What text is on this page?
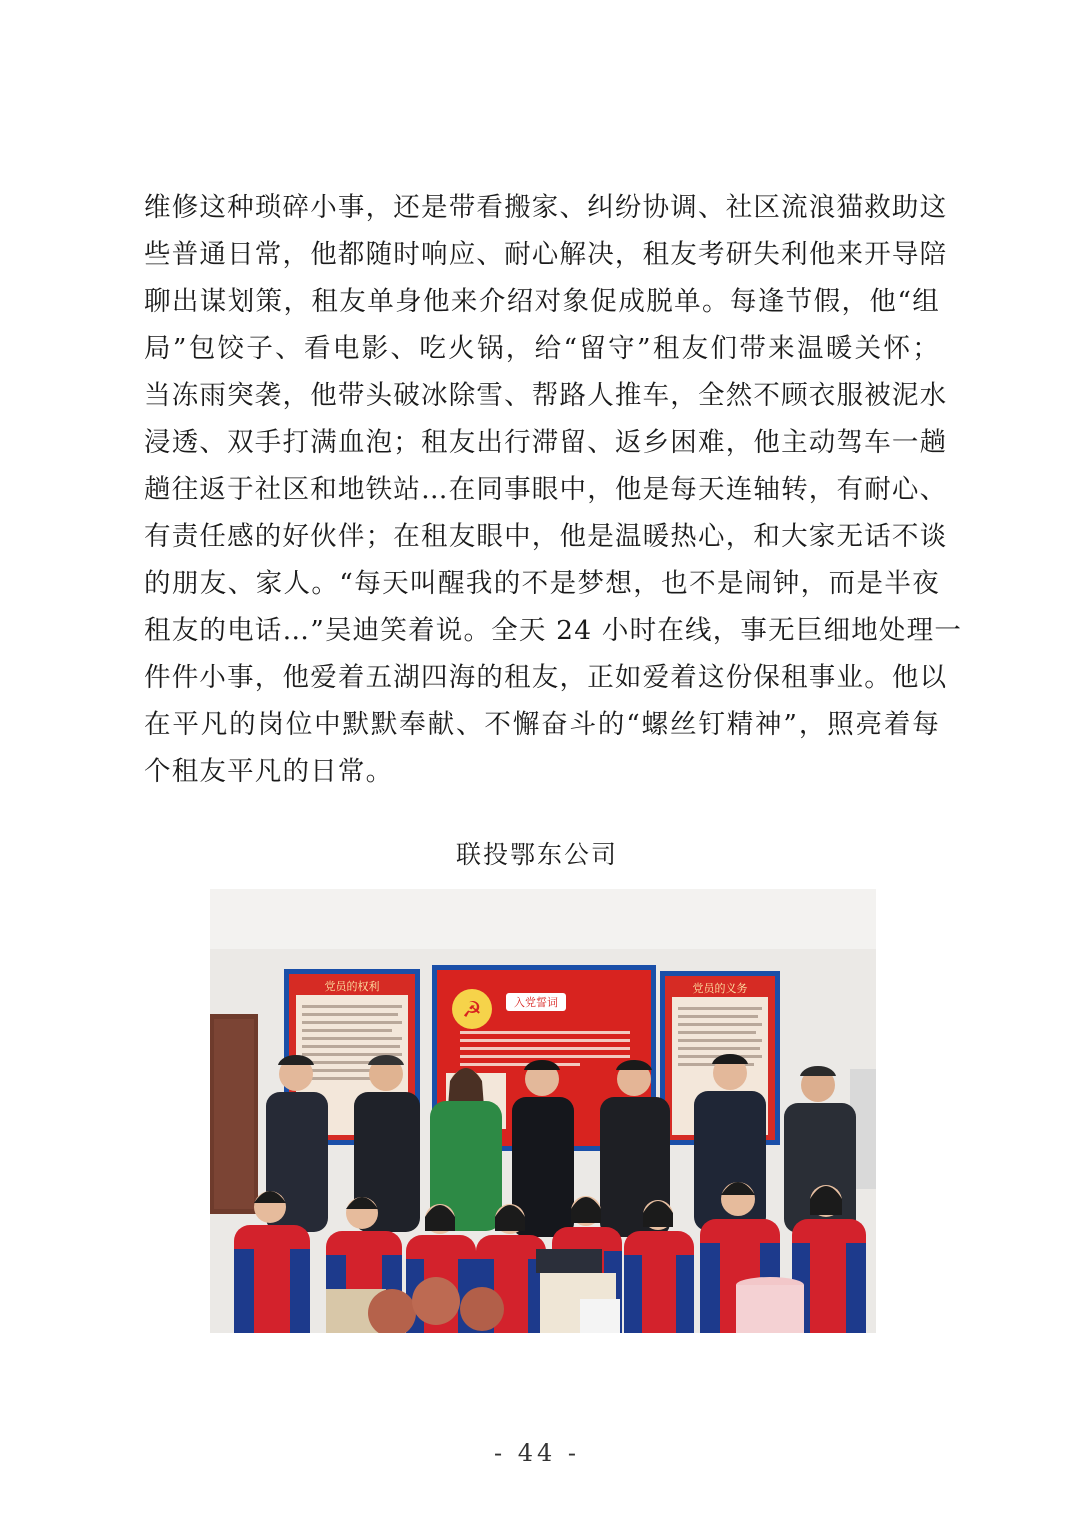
维修这种琐碎小事，还是带看搬家、纠纷协调、社区流浪猫救助这
些普通日常，他都随时响应、耐心解决，租友考研失利他来开导陪
聊出谋划策，租友单身他来介绍对象促成脱单。每逢节假，他“组
局”包饺子、看电影、吃火锅，给“留守”租友们带来温暖关怀；
当冻雨突袭，他带头破冰除雪、帮路人推车，全然不顾衣服被泥水
浸透、双手打满血泡；租友出行滞留、返乡困难，他主动驾车一趟
趟往返于社区和地铁站…在同事眼中，他是每天连轴转，有耐心、
有责任感的好伙伴；在租友眼中，他是温暖热心，和大家无话不谈
的朋友、家人。“每天叫醒我的不是梦想，也不是闹钟，而是半夜
租友的电话…”吴迪笑着说。全天 24 小时在线，事无巨细地处理一
件件小事，他爱着五湖四海的租友，正如爱着这份保租事业。他以
在平凡的岗位中默默奉献、不懈奋斗的“螺丝钉精神”，照亮着每
个租友平凡的日常。
联投鄂东公司
党员的权利
☭	入党誓词
党员的义务
- 44 -
